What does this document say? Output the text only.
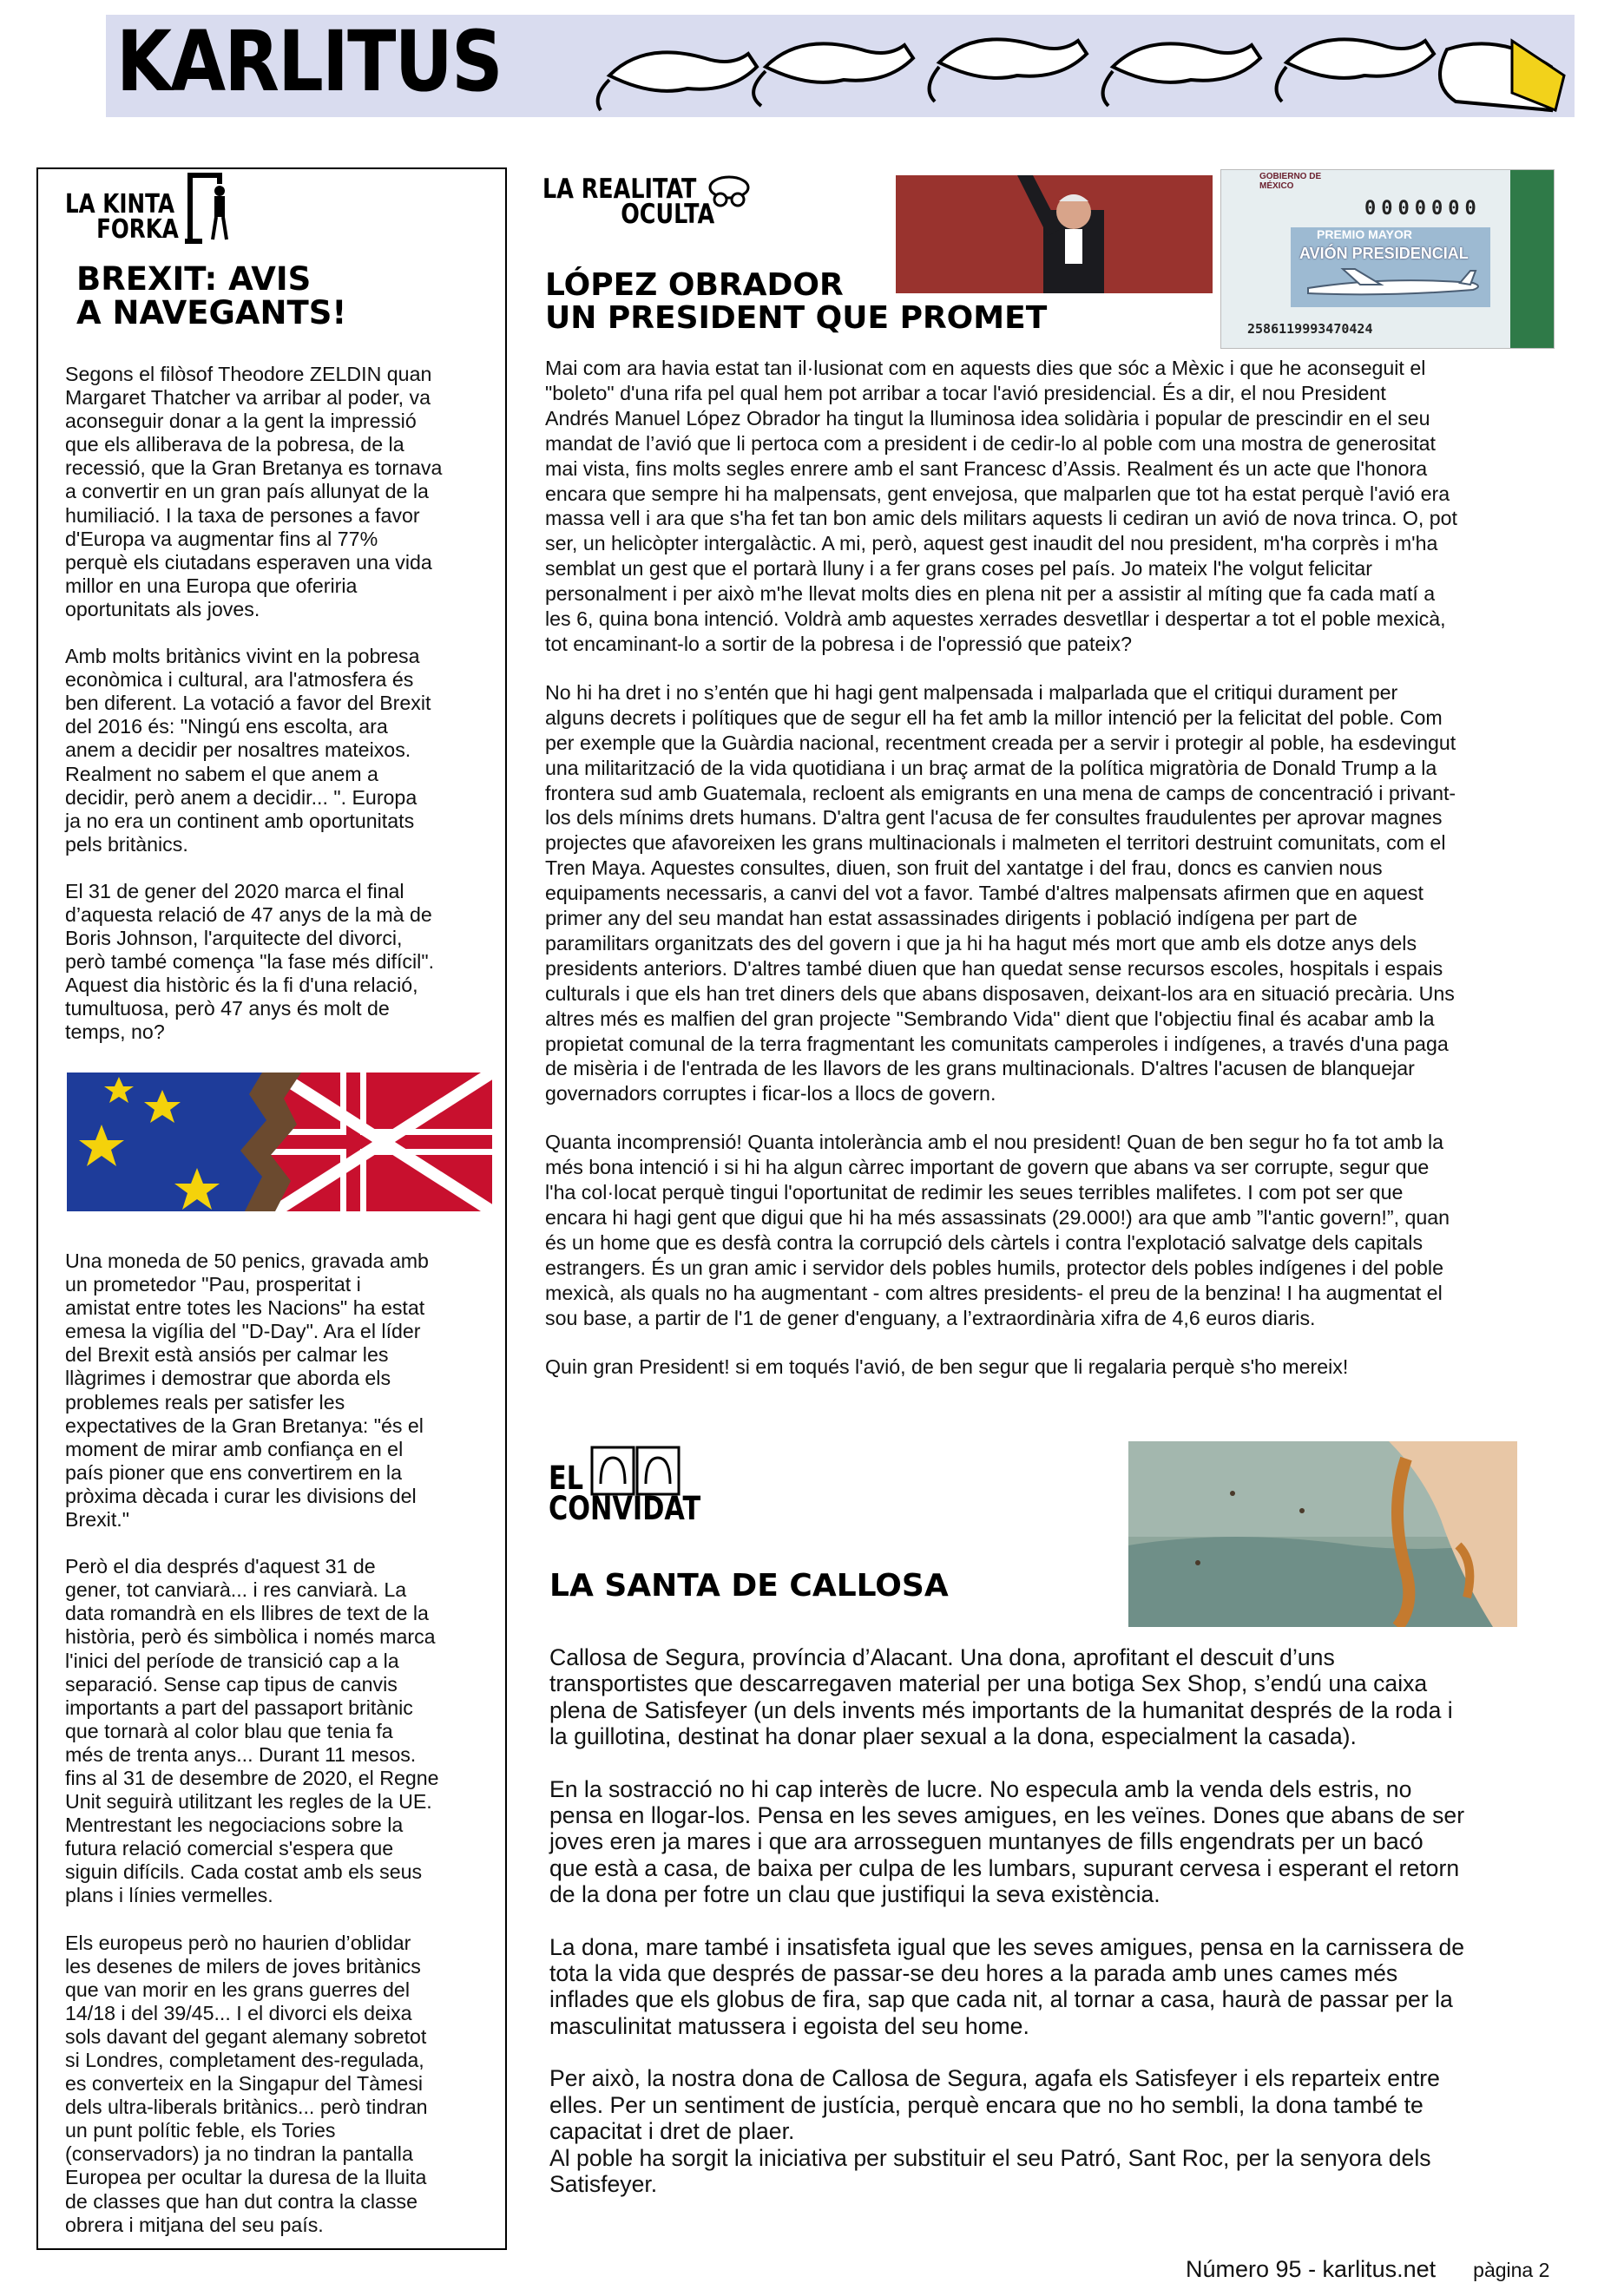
KARLITUS
LA KINTA
FORKA
BREXIT: AVIS
A NAVEGANTS!

Segons el filòsof Theodore ZELDIN quan
Margaret Thatcher va arribar al poder, va
aconseguir donar a la gent la impressió
que els alliberava de la pobresa, de la
recessió, que la Gran Bretanya es tornava
a convertir en un gran país allunyat de la
humiliació. I la taxa de persones a favor
d'Europa va augmentar fins al 77%
perquè els ciutadans esperaven una vida
millor en una Europa que oferiria
oportunitats als joves.

Amb molts britànics vivint en la pobresa
econòmica i cultural, ara l'atmosfera és
ben diferent. La votació a favor del Brexit
del 2016 és: "Ningú ens escolta, ara
anem a decidir per nosaltres mateixos.
Realment no sabem el que anem a
decidir, però anem a decidir... ". Europa
ja no era un continent amb oportunitats
pels britànics.

El 31 de gener del 2020 marca el final
d’aquesta relació de 47 anys de la mà de
Boris Johnson, l'arquitecte del divorci,
però també comença "la fase més difícil".
Aquest dia històric és la fi d'una relació,
tumultuosa, però 47 anys és molt de
temps, no?

Una moneda de 50 penics, gravada amb
un prometedor "Pau, prosperitat i
amistat entre totes les Nacions" ha estat
emesa la vigília del "D-Day". Ara el líder
del Brexit està ansiós per calmar les
llàgrimes i demostrar que aborda els
problemes reals per satisfer les
expectatives de la Gran Bretanya: "és el
moment de mirar amb confiança en el
país pioner que ens convertirem en la
pròxima dècada i curar les divisions del
Brexit."

Però el dia després d'aquest 31 de
gener, tot canviarà... i res canviarà. La
data romandrà en els llibres de text de la
història, però és simbòlica i només marca
l'inici del període de transició cap a la
separació. Sense cap tipus de canvis
importants a part del passaport britànic
que tornarà al color blau que tenia fa
més de trenta anys... Durant 11 mesos.
fins al 31 de desembre de 2020, el Regne
Unit seguirà utilitzant les regles de la UE.
Mentrestant les negociacions sobre la
futura relació comercial s'espera que
siguin difícils. Cada costat amb els seus
plans i línies vermelles.

Els europeus però no haurien d’oblidar
les desenes de milers de joves britànics
que van morir en les grans guerres del
14/18 i del 39/45... I el divorci els deixa
sols davant del gegant alemany sobretot
si Londres, completament des-regulada,
es converteix en la Singapur del Tàmesi
dels ultra-liberals britànics... però tindran
un punt polític feble, els Tories
(conservadors) ja no tindran la pantalla
Europea per ocultar la duresa de la lluita
de classes que han dut contra la classe
obrera i mitjana del seu país.

LA REALITAT
OCULTA
LÓPEZ OBRADOR
UN PRESIDENT QUE PROMET
GOBIERNO DE
MÉXICO
0000000
PREMIO MAYOR
AVIÓN PRESIDENCIAL
2586119993470424

Mai com ara havia estat tan il·lusionat com en aquests dies que sóc a Mèxic i que he aconseguit el
"boleto" d'una rifa pel qual hem pot arribar a tocar l'avió presidencial. És a dir, el nou President
Andrés Manuel López Obrador ha tingut la lluminosa idea solidària i popular de prescindir en el seu
mandat de l’avió que li pertoca com a president i de cedir-lo al poble com una mostra de generositat
mai vista, fins molts segles enrere amb el sant Francesc d’Assis. Realment és un acte que l'honora
encara que sempre hi ha malpensats, gent envejosa, que malparlen que tot ha estat perquè l'avió era
massa vell i ara que s'ha fet tan bon amic dels militars aquests li cediran un avió de nova trinca. O, pot
ser, un helicòpter intergalàctic. A mi, però, aquest gest inaudit del nou president, m'ha corprès i m'ha
semblat un gest que el portarà lluny i a fer grans coses pel país. Jo mateix l'he volgut felicitar
personalment i per això m'he llevat molts dies en plena nit per a assistir al míting que fa cada matí a
les 6, quina bona intenció. Voldrà amb aquestes xerrades desvetllar i despertar a tot el poble mexicà,
tot encaminant-lo a sortir de la pobresa i de l'opressió que pateix?

No hi ha dret i no s’entén que hi hagi gent malpensada i malparlada que el critiqui durament per
alguns decrets i polítiques que de segur ell ha fet amb la millor intenció per la felicitat del poble. Com
per exemple que la Guàrdia nacional, recentment creada per a servir i protegir al poble, ha esdevingut
una militarització de la vida quotidiana i un braç armat de la política migratòria de Donald Trump a la
frontera sud amb Guatemala, recloent als emigrants en una mena de camps de concentració i privant-
los dels mínims drets humans. D'altra gent l'acusa de fer consultes fraudulentes per aprovar magnes
projectes que afavoreixen les grans multinacionals i malmeten el territori destruint comunitats, com el
Tren Maya. Aquestes consultes, diuen, son fruit del xantatge i del frau, doncs es canvien nous
equipaments necessaris, a canvi del vot a favor. També d'altres malpensats afirmen que en aquest
primer any del seu mandat han estat assassinades dirigents i població indígena per part de
paramilitars organitzats des del govern i que ja hi ha hagut més mort que amb els dotze anys dels
presidents anteriors. D'altres també diuen que han quedat sense recursos escoles, hospitals i espais
culturals i que els han tret diners dels que abans disposaven, deixant-los ara en situació precària. Uns
altres més es malfien del gran projecte "Sembrando Vida" dient que l'objectiu final és acabar amb la
propietat comunal de la terra fragmentant les comunitats camperoles i indígenes, a través d'una paga
de misèria i de l'entrada de les llavors de les grans multinacionals. D'altres l'acusen de blanquejar
governadors corruptes i ficar-los a llocs de govern.

Quanta incomprensió! Quanta intolerància amb el nou president! Quan de ben segur ho fa tot amb la
més bona intenció i si hi ha algun càrrec important de govern que abans va ser corrupte, segur que
l'ha col·locat perquè tingui l'oportunitat de redimir les seues terribles malifetes. I com pot ser que
encara hi hagi gent que digui que hi ha més assassinats (29.000!) ara que amb ”l'antic govern!”, quan
és un home que es desfà contra la corrupció dels càrtels i contra l'explotació salvatge dels capitals
estrangers. És un gran amic i servidor dels pobles humils, protector dels pobles indígenes i del poble
mexicà, als quals no ha augmentant - com altres presidents- el preu de la benzina! I ha augmentat el
sou base, a partir de l'1 de gener d'enguany, a l’extraordinària xifra de 4,6 euros diaris.

Quin gran President! si em toqués l'avió, de ben segur que li regalaria perquè s'ho mereix!

EL
CONVIDAT
LA SANTA DE CALLOSA

Callosa de Segura, província d’Alacant. Una dona, aprofitant el descuit d’uns
transportistes que descarregaven material per una botiga Sex Shop, s’endú una caixa
plena de Satisfeyer (un dels invents més importants de la humanitat després de la roda i
la guillotina, destinat ha donar plaer sexual a la dona, especialment la casada).

En la sostracció no hi cap interès de lucre. No especula amb la venda dels estris, no
pensa en llogar-los. Pensa en les seves amigues, en les veïnes. Dones que abans de ser
joves eren ja mares i que ara arrosseguen muntanyes de fills engendrats per un bacó
que està a casa, de baixa per culpa de les lumbars, supurant cervesa i esperant el retorn
de la dona per fotre un clau que justifiqui la seva existència.

La dona, mare també i insatisfeta igual que les seves amigues, pensa en la carnissera de
tota la vida que després de passar-se deu hores a la parada amb unes cames més
inflades que els globus de fira, sap que cada nit, al tornar a casa, haurà de passar per la
masculinitat matussera i egoista del seu home.

Per això, la nostra dona de Callosa de Segura, agafa els Satisfeyer i els reparteix entre
elles. Per un sentiment de justícia, perquè encara que no ho sembli, la dona també te
capacitat i dret de plaer.
Al poble ha sorgit la iniciativa per substituir el seu Patró, Sant Roc, per la senyora dels
Satisfeyer.

Número 95 - karlitus.net pàgina 2
